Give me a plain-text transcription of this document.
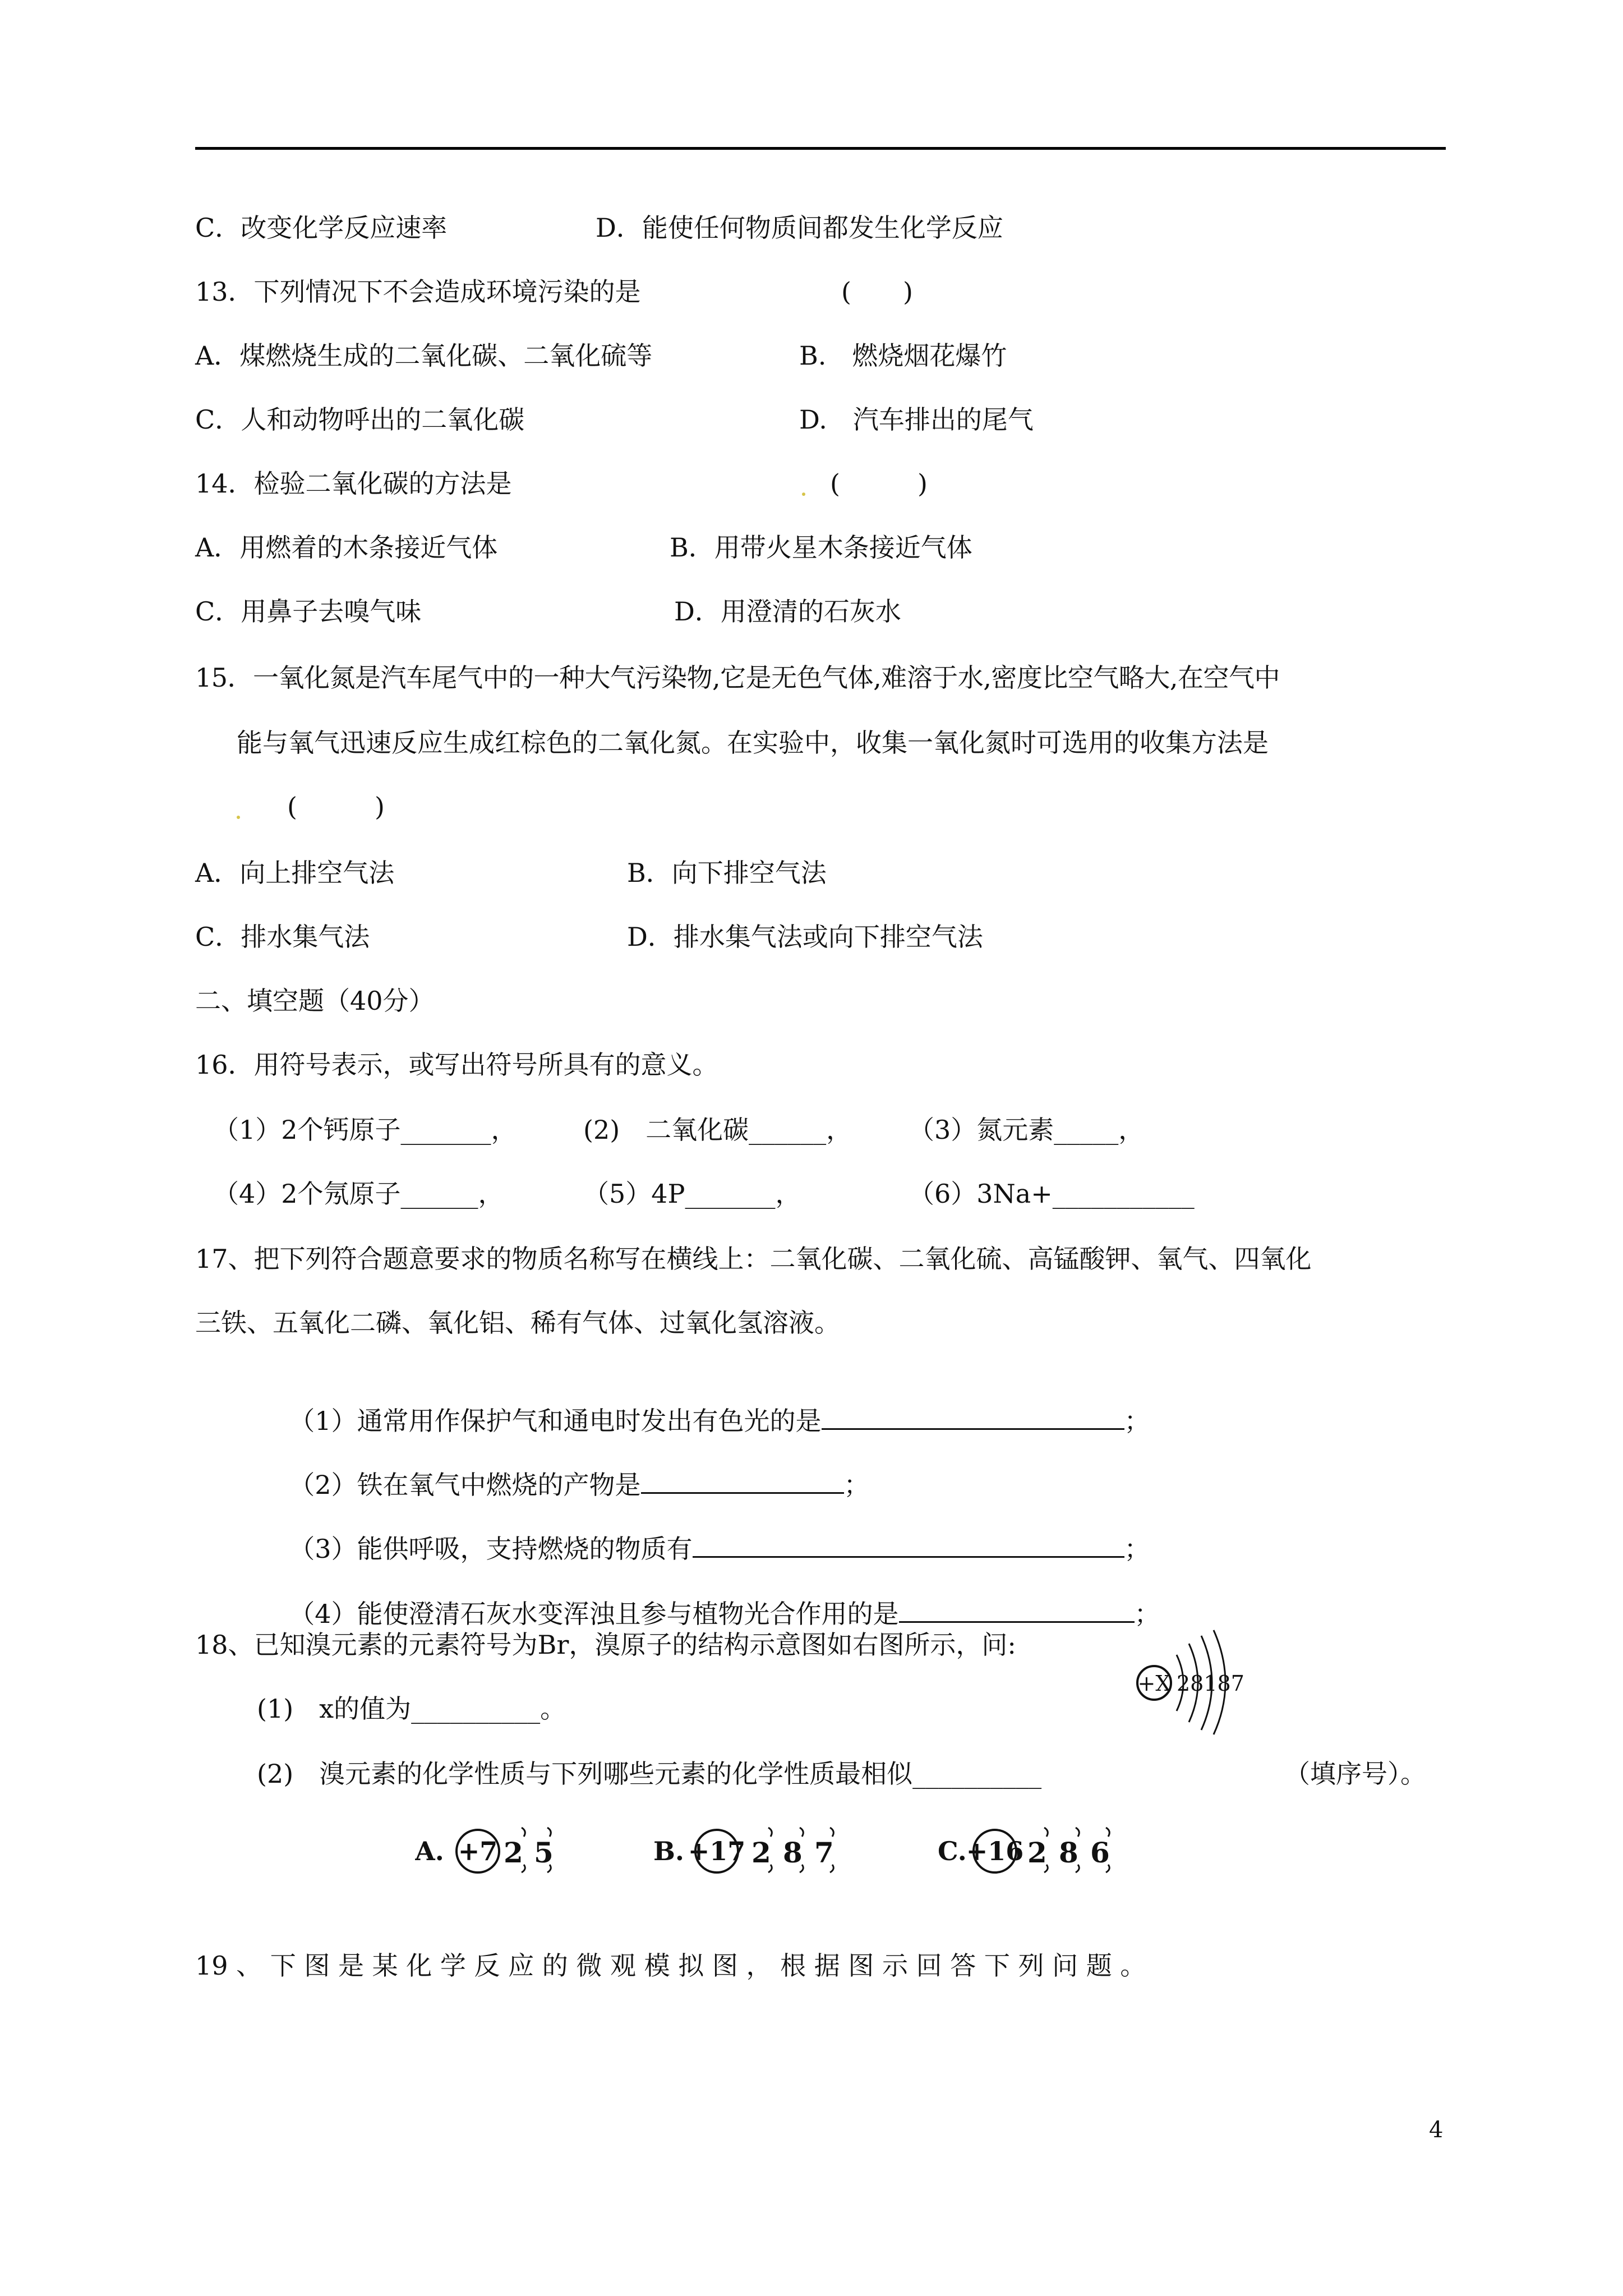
C．改变化学反应速率	D．能使任何物质间都发生化学反应
13．下列情况下不会造成环境污染的是	(　　)
A．煤燃烧生成的二氧化碳、二氧化硫等	B.　燃烧烟花爆竹
C．人和动物呼出的二氧化碳	D.　汽车排出的尾气
14．检验二氧化碳的方法是	(　　　)
A．用燃着的木条接近气体	B．用带火星木条接近气体
C．用鼻子去嗅气味	D．用澄清的石灰水
15．一氧化氮是汽车尾气中的一种大气污染物,它是无色气体,难溶于水,密度比空气略大,在空气中
能与氧气迅速反应生成红棕色的二氧化氮。在实验中，收集一氧化氮时可选用的收集方法是
(　　　)
A．向上排空气法	B．向下排空气法
C．排水集气法	D．排水集气法或向下排空气法
二、填空题（40分）
16．用符号表示，或写出符号所具有的意义。
（1）2个钙原子_______，	(2)　二氧化碳______， （3）氮元素_____，
（4）2个氖原子______，	（5）4P_______，	（6）3Na+___________
17、把下列符合题意要求的物质名称写在横线上：二氧化碳、二氧化硫、高锰酸钾、氧气、四氧化
三铁、五氧化二磷、氧化铝、稀有气体、过氧化氢溶液。

（1）通常用作保护气和通电时发出有色光的是	；

（2）铁在氧气中燃烧的产物是	；

（3）能供呼吸，支持燃烧的物质有	；

（4）能使澄清石灰水变浑浊且参与植物光合作用的是	；

18、已知溴元素的元素符号为Br，溴原子的结构示意图如右图所示，问:
+X 28187
(1)　x的值为__________。
(2)　溴元素的化学性质与下列哪些元素的化学性质最相似__________	（填序号）。
A. +7 2 5	B. +17 2 8 7	C.
+16 2 8 6
19 、 下 图 是 某 化 学 反 应 的 微 观 模 拟 图 ， 根 据 图 示 回 答 下 列 问 题 。
4
